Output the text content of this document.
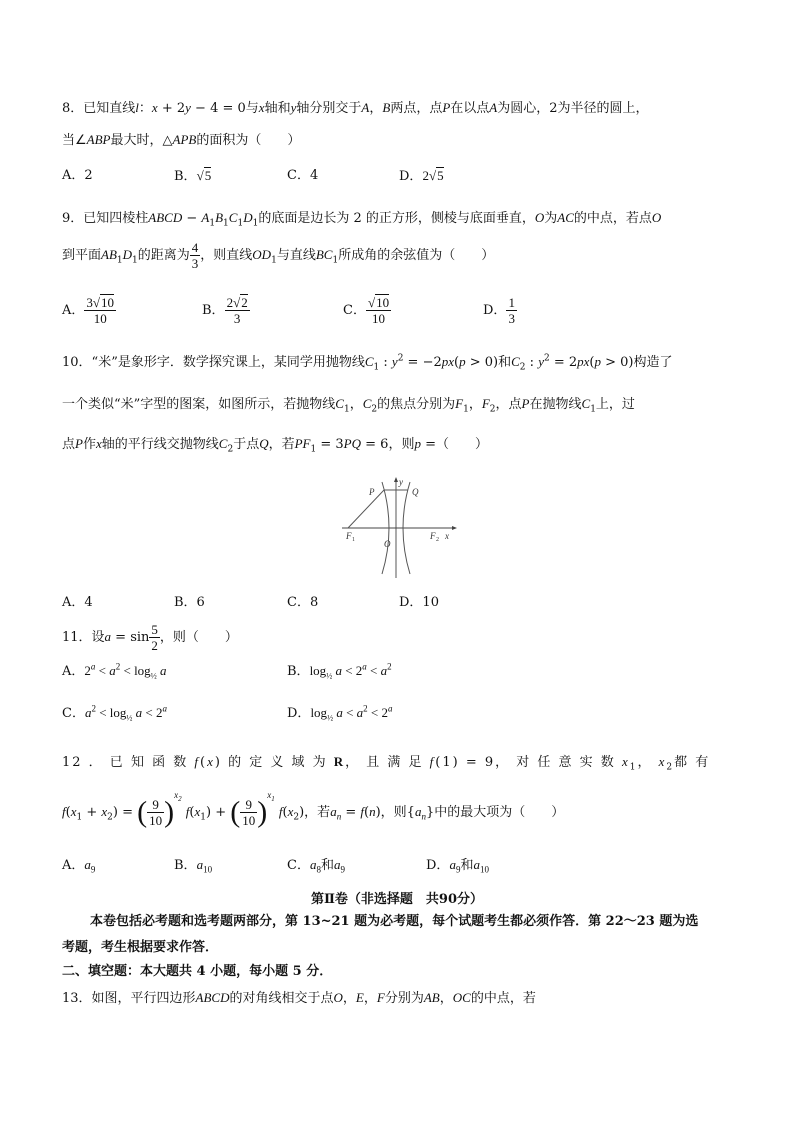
8．已知直线l：x + 2y − 4 = 0与x轴和y轴分别交于A，B两点，点P在以点A为圆心，2为半径的圆上，
当∠ABP最大时，△APB的面积为（　　）
A．2	B．√5	C．4	D．2√5
9．已知四棱柱ABCD − $A_1B_1C_1D_1$的底面是边长为 2 的正方形，侧棱与底面垂直，O为AC的中点，若点O
到平面$AB_1D_1$的距离为 $\frac{4}{3}$ ，则直线$OD_1$与直线$BC_1$所成角的余弦值为（　　）
A． $\frac{3√10}{10}$	B． $\frac{2√2}{3}$	C． $\frac{√10}{10}$	D． $\frac{1}{3}$
10．“米”是象形字．数学探究课上，某同学用抛物线$C_1$ : $y^2 = -2px(p > 0)$和$C_2$ : $y^2 = 2px(p > 0)$构造了
一个类似“米”字型的图案，如图所示，若抛物线$C_1$，$C_2$的焦点分别为$F_1$，$F_2$，点P在抛物线$C_1$上，过
点P作x轴的平行线交抛物线$C_2$于点Q，若$PF_1 = 3PQ = 6$，则p =（　　）
P	Q
y
O
F 1	F 2 x
A．4	B．6	C．8	D．10
11．设$a = \sin \frac{5}{2}$ ，则（　　）
A．$2^a < a^2 < \log_{\frac{1}{2}} a$	B．$\log_{\frac{1}{2}} a < 2^a < a^2$
C．$a^2 < \log_{\frac{1}{2}} a < 2^a$	D．$\log_{\frac{1}{2}} a < a^2 < 2^a$
12 ． 已 知 函 数 f(x) 的 定 义 域 为 R， 且 满 足 f(1) = 9， 对 任 意 实 数 $x_1$， $x_2$都 有
$f(x_1 + x_2)$ = ( $\frac{9}{10} )^{x_2}$ $f(x_1)$ + ( $\frac{9}{10} )^{x_1}$ $f(x_2)$，若$a_n = f(n)$，则$\{a_n\}$中的最大项为（　　）
A．$a_9$	B．$a_{10}$	C．$a_8$和$a_9$	D．$a_9$和$a_{10}$
第Ⅱ卷（非选择题　共90分）
本卷包括必考题和选考题两部分，第 13~21 题为必考题，每个试题考生都必须作答．第 22～23 题为选
考题，考生根据要求作答．
二、填空题：本大题共 4 小题，每小题 5 分．
13．如图，平行四边形ABCD的对角线相交于点O，E，F分别为AB，OC的中点，若
